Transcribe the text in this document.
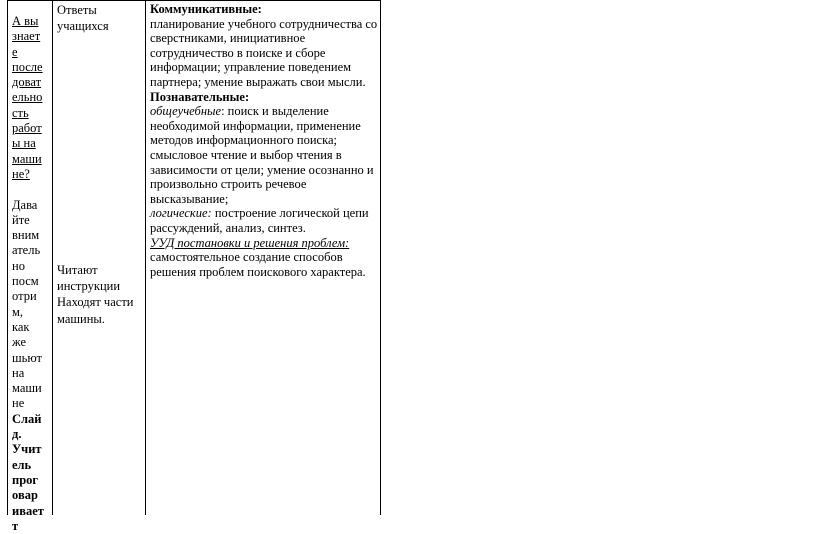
А вы
знает
е
после
доват
ельно
сть
работ
ы на
маши
не?
Дава
йте
вним
атель
но
посм
отри
м,
как
же
шьют
на
маши
не
Слай
д.
Учит
ель
прог
овар
ивает
т
Ответы
учащихся
Читают
инструкции
Находят части
машины.
Коммуникативные:
планирование учебного сотрудничества со
сверстниками, инициативное
сотрудничество в поиске и сборе
информации; управление поведением
партнера; умение выражать свои мысли.
Познавательные:
общеучебные: поиск и выделение
необходимой информации, применение
методов информационного поиска;
смысловое чтение и выбор чтения в
зависимости от цели; умение осознанно и
произвольно строить речевое
высказывание;
логические: построение логической цепи
рассуждений, анализ, синтез.
УУД постановки и решения проблем:
самостоятельное создание способов
решения проблем поискового характера.
